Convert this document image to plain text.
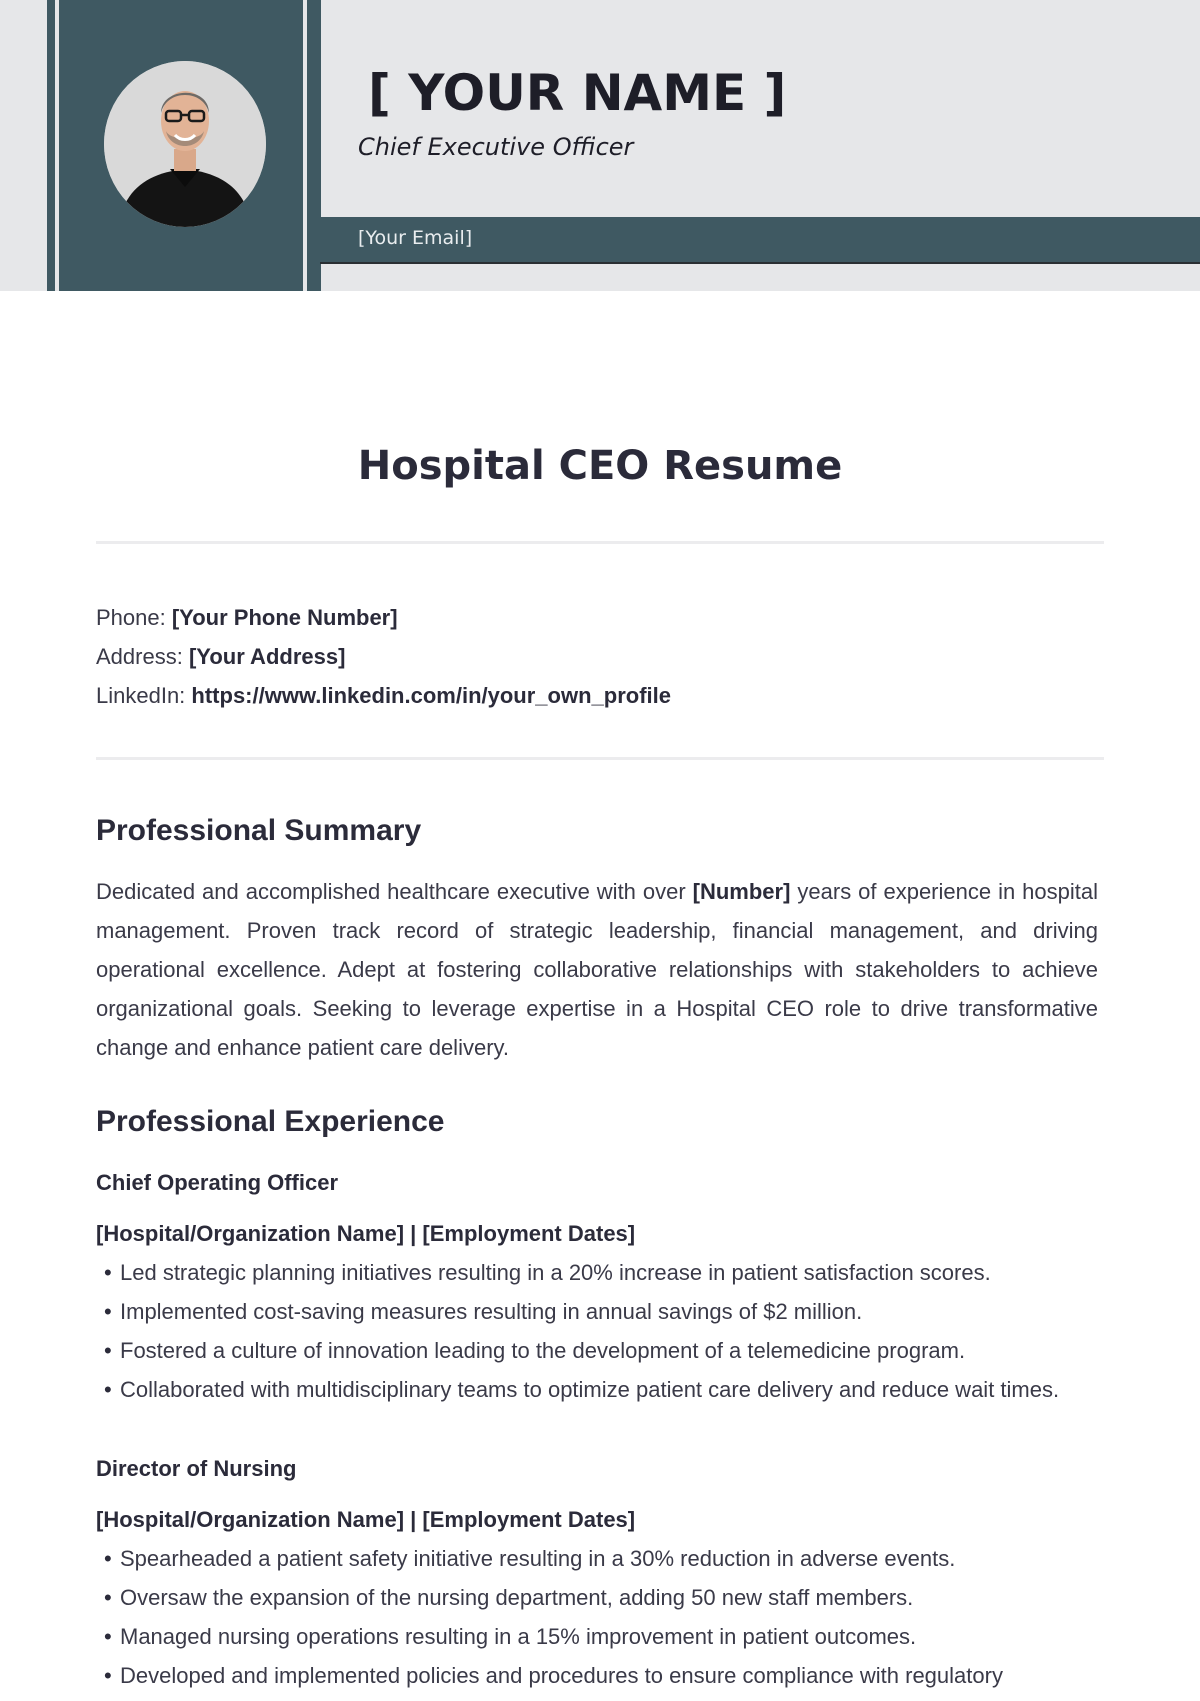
[ YOUR NAME ]
Chief Executive Officer
[Your Email]
Hospital CEO Resume
Phone: [Your Phone Number]
Address: [Your Address]
LinkedIn: https://www.linkedin.com/in/your_own_profile
Professional Summary

Dedicated and accomplished healthcare executive with over [Number] years of experience in hospital management. Proven track record of strategic leadership, financial management, and driving operational excellence. Adept at fostering collaborative relationships with stakeholders to achieve organizational goals. Seeking to leverage expertise in a Hospital CEO role to drive transformative change and enhance patient care delivery.

Professional Experience
Chief Operating Officer
[Hospital/Organization Name] | [Employment Dates]
• Led strategic planning initiatives resulting in a 20% increase in patient satisfaction scores.
• Implemented cost-saving measures resulting in annual savings of $2 million.
• Fostered a culture of innovation leading to the development of a telemedicine program.
• Collaborated with multidisciplinary teams to optimize patient care delivery and reduce wait times.
Director of Nursing
[Hospital/Organization Name] | [Employment Dates]
• Spearheaded a patient safety initiative resulting in a 30% reduction in adverse events.
• Oversaw the expansion of the nursing department, adding 50 new staff members.
• Managed nursing operations resulting in a 15% improvement in patient outcomes.
• Developed and implemented policies and procedures to ensure compliance with regulatory
